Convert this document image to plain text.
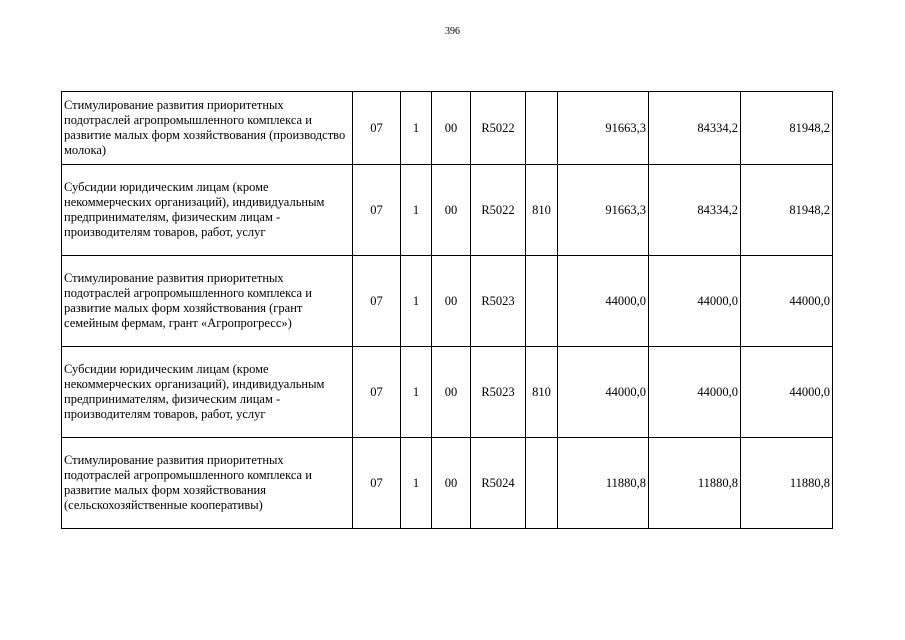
396
Стимулирование развития приоритетных подотраслей агропромышленного комплекса и развитие малых форм хозяйствования (производство молока)	07	1	00	R5022		91663,3	84334,2	81948,2
Субсидии юридическим лицам (кроме некоммерческих организаций), индивидуальным предпринимателям, физическим лицам - производителям товаров, работ, услуг	07	1	00	R5022	810	91663,3	84334,2	81948,2
Стимулирование развития приоритетных подотраслей агропромышленного комплекса и развитие малых форм хозяйствования (грант семейным фермам, грант «Агропрогресс»)	07	1	00	R5023		44000,0	44000,0	44000,0
Субсидии юридическим лицам (кроме некоммерческих организаций), индивидуальным предпринимателям, физическим лицам - производителям товаров, работ, услуг	07	1	00	R5023	810	44000,0	44000,0	44000,0
Стимулирование развития приоритетных подотраслей агропромышленного комплекса и развитие малых форм хозяйствования (сельскохозяйственные кооперативы)	07	1	00	R5024		11880,8	11880,8	11880,8
